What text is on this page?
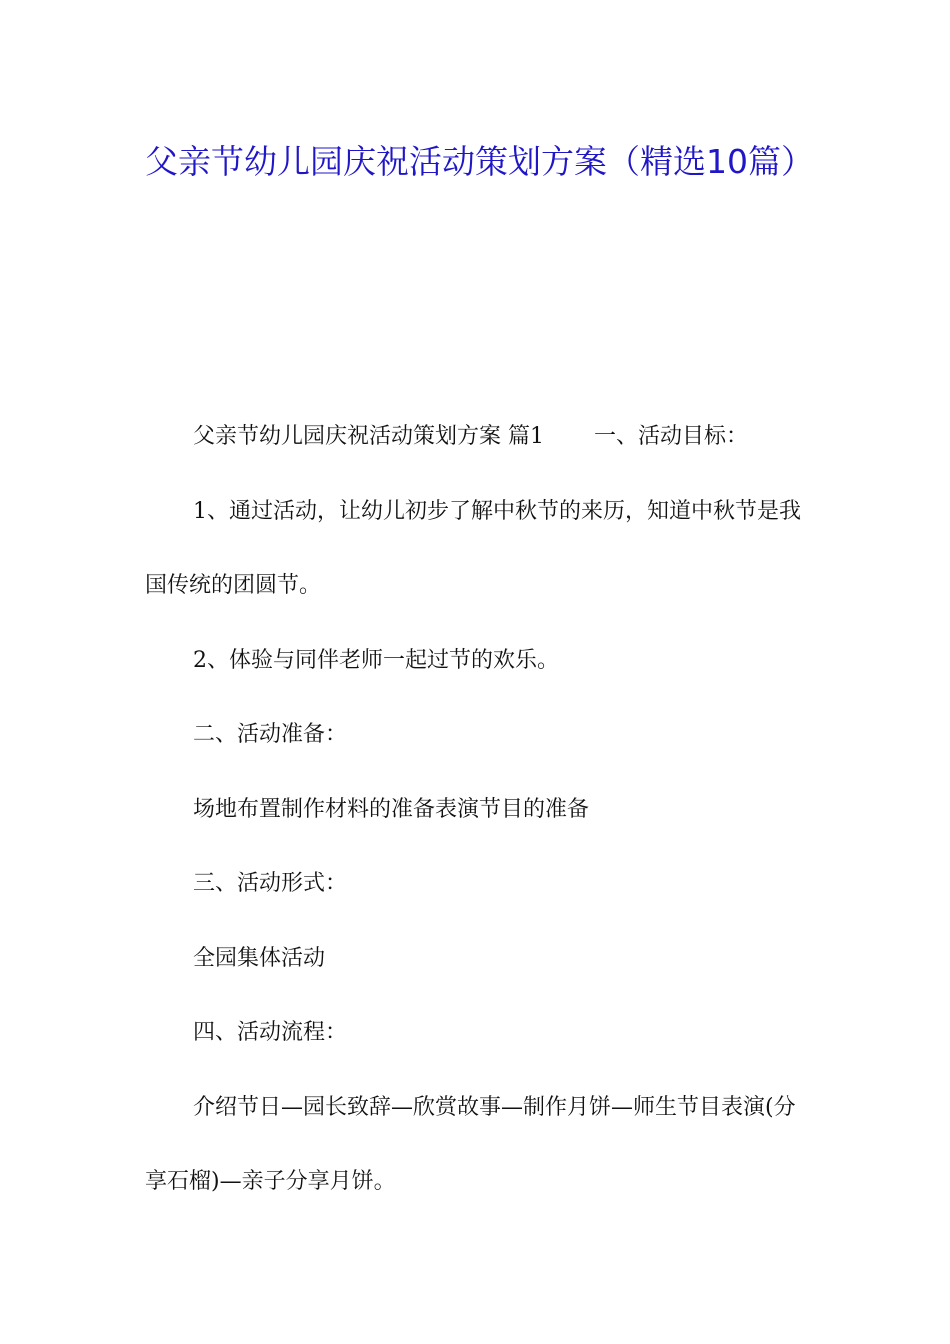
父亲节幼儿园庆祝活动策划方案（精选10篇）

父亲节幼儿园庆祝活动策划方案 篇1 一、活动目标：

1、通过活动，让幼儿初步了解中秋节的来历，知道中秋节是我国传统的团圆节。

2、体验与同伴老师一起过节的欢乐。

二、活动准备：

场地布置制作材料的准备表演节目的准备

三、活动形式：

全园集体活动

四、活动流程：

介绍节日—园长致辞—欣赏故事—制作月饼—师生节目表演(分享石榴)—亲子分享月饼。
